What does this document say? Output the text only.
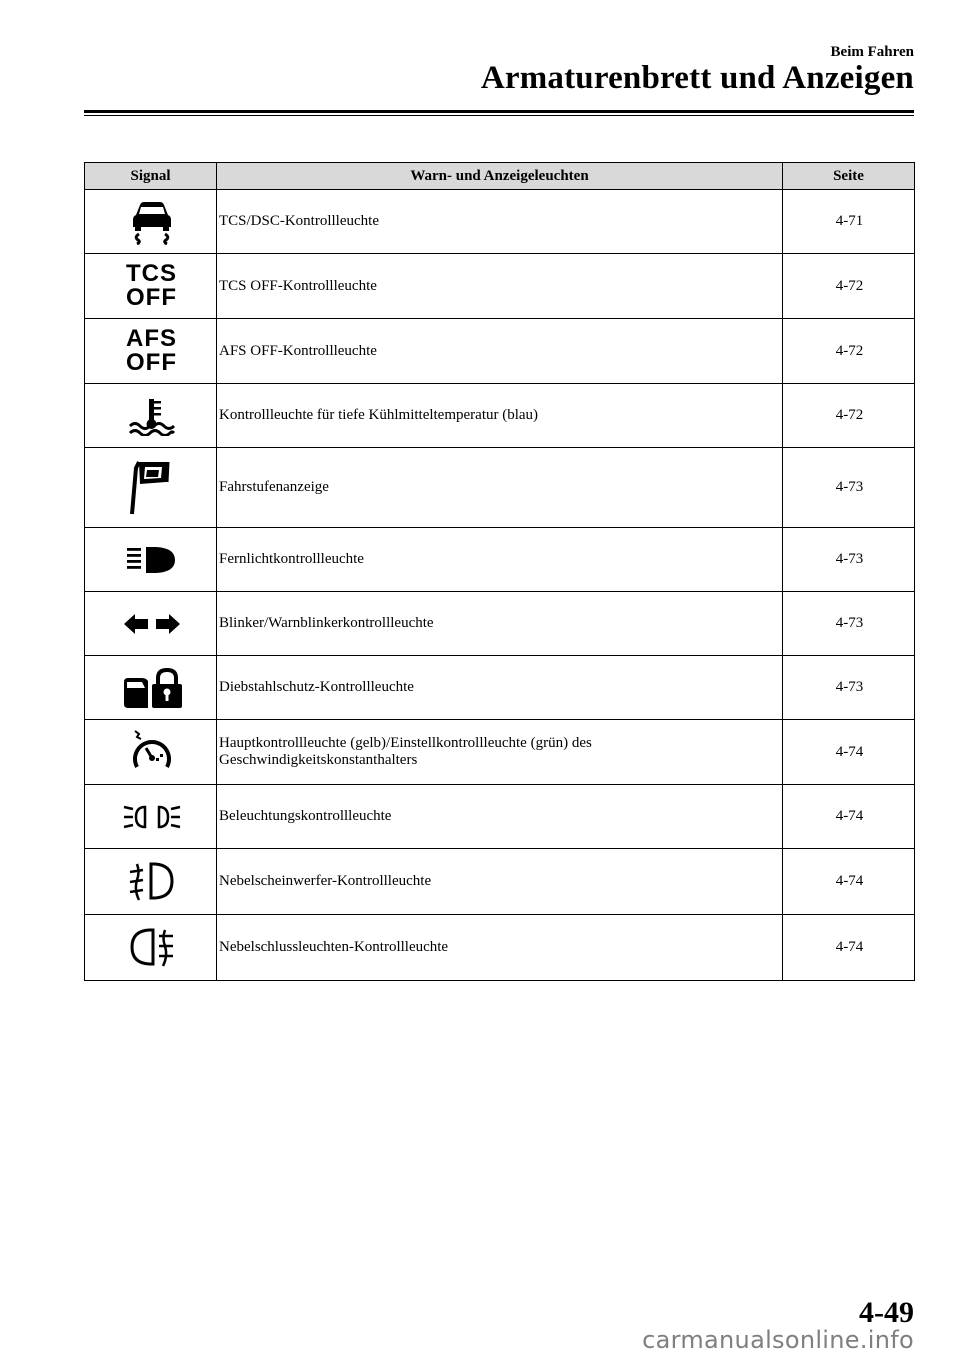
Beim Fahren
Armaturenbrett und Anzeigen
Signal	Warn- und Anzeigeleuchten	Seite

	TCS/DSC-Kontrollleuchte	4-71

TCS
OFF	TCS OFF-Kontrollleuchte	4-72

AFS
OFF	AFS OFF-Kontrollleuchte	4-72

	Kontrollleuchte für tiefe Kühlmitteltemperatur (blau)	4-72

	Fahrstufenanzeige	4-73

	Fernlichtkontrollleuchte	4-73

	Blinker/Warnblinkerkontrollleuchte	4-73

	Diebstahlschutz-Kontrollleuchte	4-73

	Hauptkontrollleuchte (gelb)/Einstellkontrollleuchte (grün) des Geschwindigkeitskonstanthalters	4-74

	Beleuchtungskontrollleuchte	4-74

	Nebelscheinwerfer-Kontrollleuchte	4-74

	Nebelschlussleuchten-Kontrollleuchte	4-74
4-49
carmanualsonline.info
